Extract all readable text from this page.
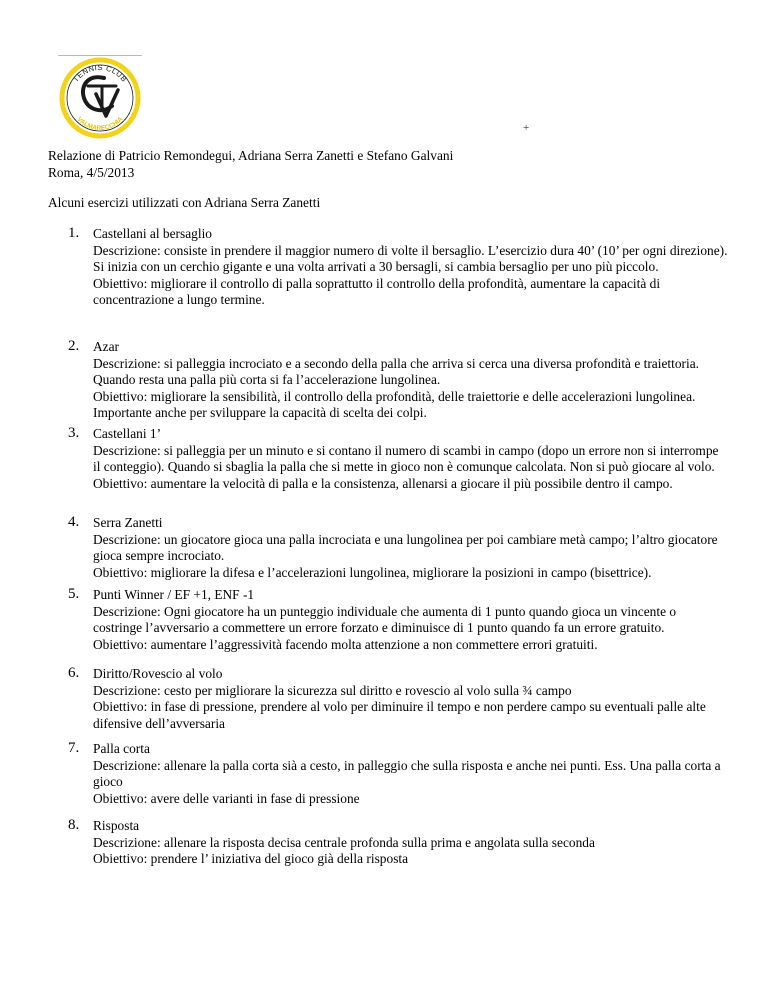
TENNIS CLUB
VALMARECCHIA
+
Relazione di Patricio Remondegui, Adriana Serra Zanetti e Stefano Galvani
Roma, 4/5/2013
Alcuni esercizi utilizzati con Adriana Serra Zanetti
1. Castellani al bersaglio

Descrizione: consiste in prendere il maggior numero di volte il bersaglio. L’esercizio dura 40’ (10’ per ogni direzione). Si inizia con un cerchio gigante e una volta arrivati a 30 bersagli, si cambia bersaglio per uno più piccolo.

Obiettivo: migliorare il controllo di palla soprattutto il controllo della profondità, aumentare la capacità di concentrazione a lungo termine.

2. Azar

Descrizione: si palleggia incrociato e a secondo della palla che arriva si cerca una diversa profondità e traiettoria. Quando resta una palla più corta si fa l’accelerazione lungolinea.

Obiettivo: migliorare la sensibilità, il controllo della profondità, delle traiettorie e delle accelerazioni lungolinea. Importante anche per sviluppare la capacità di scelta dei colpi.

3. Castellani 1’

Descrizione: si palleggia per un minuto e si contano il numero di scambi in campo (dopo un errore non si interrompe il conteggio). Quando si sbaglia la palla che si mette in gioco non è comunque calcolata. Non si può giocare al volo.

Obiettivo: aumentare la velocità di palla e la consistenza, allenarsi a giocare il più possibile dentro il campo.

4. Serra Zanetti

Descrizione: un giocatore gioca una palla incrociata e una lungolinea per poi cambiare metà campo; l’altro giocatore gioca sempre incrociato.

Obiettivo: migliorare la difesa e l’accelerazioni lungolinea, migliorare la posizioni in campo (bisettrice).

5. Punti Winner / EF +1, ENF -1

Descrizione: Ogni giocatore ha un punteggio individuale che aumenta di 1 punto quando gioca un vincente o costringe l’avversario a commettere un errore forzato e diminuisce di 1 punto quando fa un errore gratuito.

Obiettivo: aumentare l’aggressività facendo molta attenzione a non commettere errori gratuiti.

6. Diritto/Rovescio al volo

Descrizione: cesto per migliorare la sicurezza sul diritto e rovescio al volo sulla ¾ campo

Obiettivo: in fase di pressione, prendere al volo per diminuire il tempo e non perdere campo su eventuali palle alte difensive dell’avversaria

7. Palla corta

Descrizione: allenare la palla corta sià a cesto, in palleggio che sulla risposta e anche nei punti. Ess. Una palla corta a gioco

Obiettivo: avere delle varianti in fase di pressione

8. Risposta

Descrizione: allenare la risposta decisa centrale profonda sulla prima e angolata sulla seconda

Obiettivo: prendere l’ iniziativa del gioco già della risposta
